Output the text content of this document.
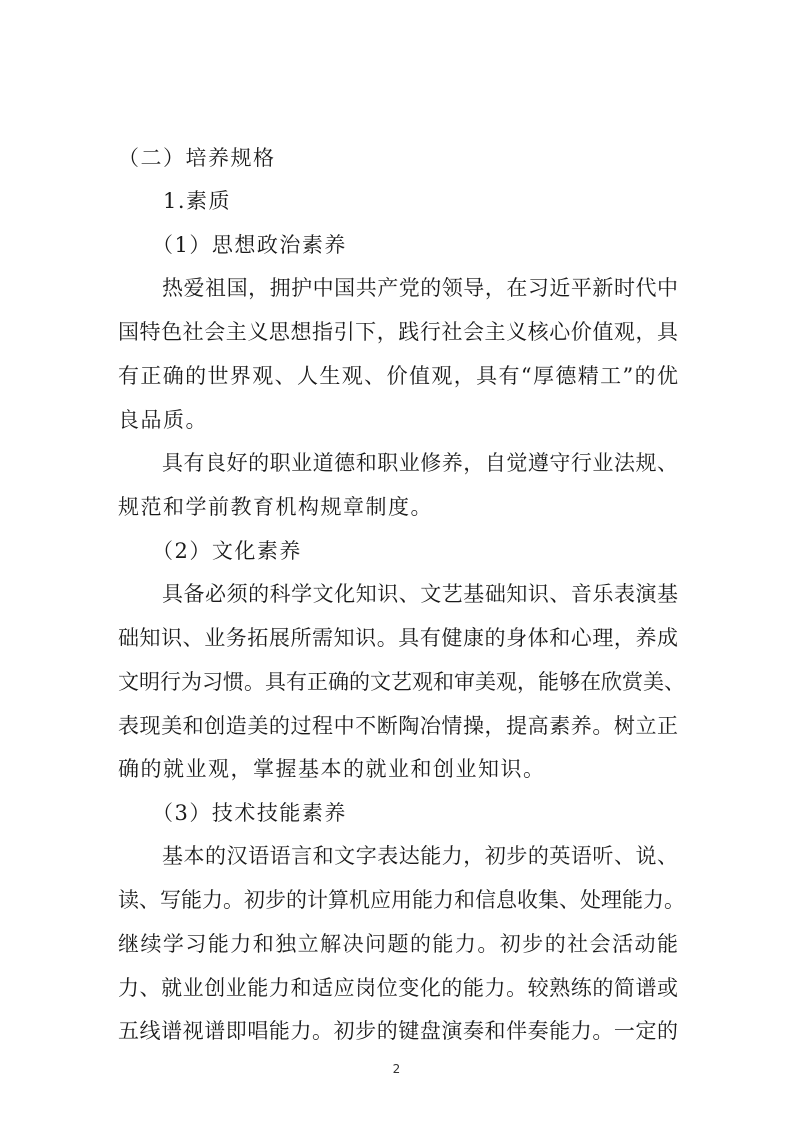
（二）培养规格
1.素质
（1）思想政治素养
热爱祖国，拥护中国共产党的领导，在习近平新时代中
国特色社会主义思想指引下，践行社会主义核心价值观，具
有正确的世界观、人生观、价值观，具有“厚德精工”的优
良品质。
具有良好的职业道德和职业修养，自觉遵守行业法规、
规范和学前教育机构规章制度。
（2）文化素养
具备必须的科学文化知识、文艺基础知识、音乐表演基
础知识、业务拓展所需知识。具有健康的身体和心理，养成
文明行为习惯。具有正确的文艺观和审美观，能够在欣赏美、
表现美和创造美的过程中不断陶冶情操，提高素养。树立正
确的就业观，掌握基本的就业和创业知识。
（3）技术技能素养
基本的汉语语言和文字表达能力，初步的英语听、说、
读、写能力。初步的计算机应用能力和信息收集、处理能力。
继续学习能力和独立解决问题的能力。初步的社会活动能
力、就业创业能力和适应岗位变化的能力。较熟练的简谱或
五线谱视谱即唱能力。初步的键盘演奏和伴奏能力。一定的
2
